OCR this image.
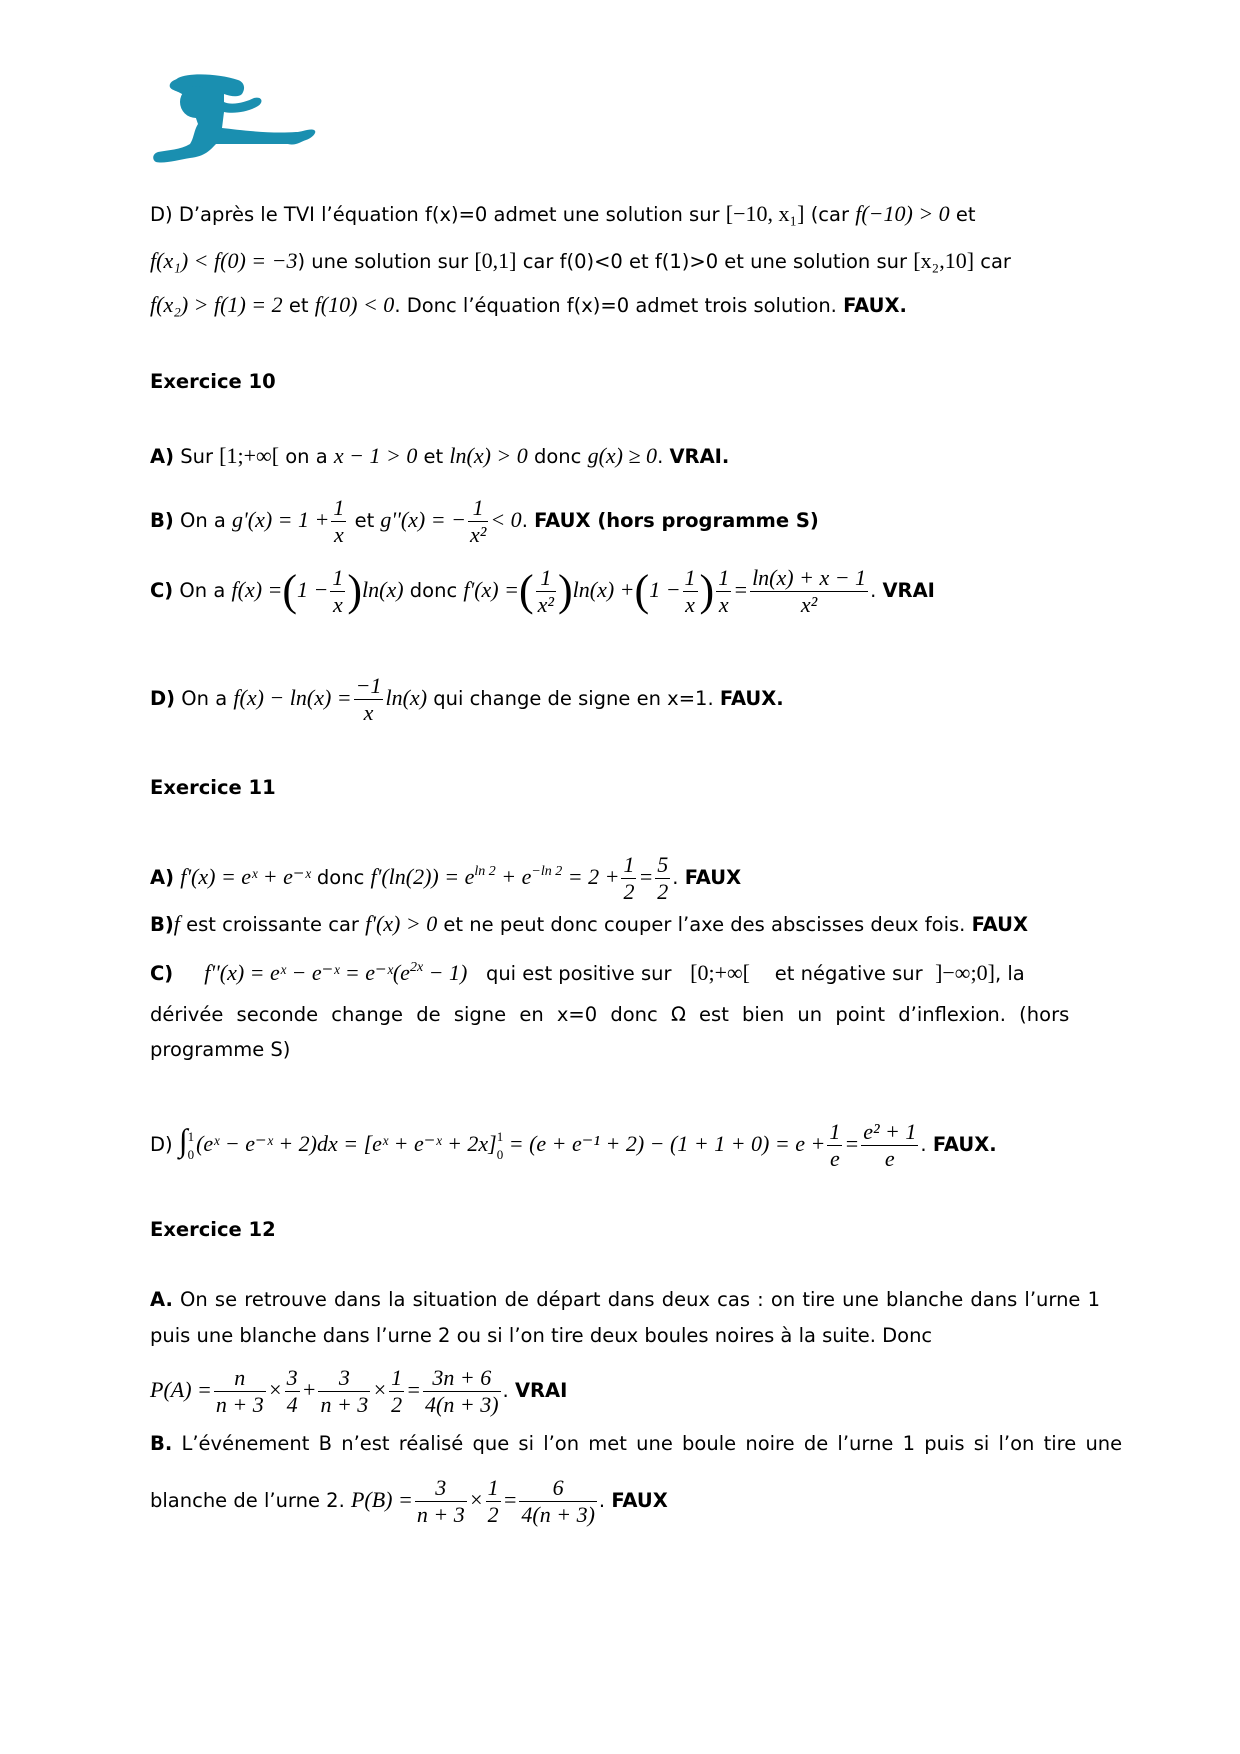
D) D’après le TVI l’équation f(x)=0 admet une solution sur [−10, x₁] (car f(−10) > 0 et
f(x₁) < f(0) = −3) une solution sur [0,1] car f(0)<0 et f(1)>0 et une solution sur [x₂,10] car
f(x₂) > f(1) = 2 et f(10) < 0. Donc l’équation f(x)=0 admet trois solution. FAUX.
Exercice 10
A) Sur [1;+∞[ on a x − 1 > 0 et ln(x) > 0 donc g(x) ≥ 0. VRAI.
B) On a $g'(x) = 1 + \frac{1}{x}$ et g''(x) = − $\frac{1}{\text{x²}} < 0$. FAUX (hors programme S)
C) On a $f(x) =(1 - \frac{1}{x} )\ln(x)$ donc f'(x) =( $\frac{1}{\text{x²}} )\ln(x) +(1 - \frac{1}{x}$ ) $\frac{1}{x} = \frac{\ln(x) + x - 1}{\text{x²}}$ . VRAI
D) On a $f(x) - \ln(x) = \frac{-1}{x} \ln(x)$ qui change de signe en x=1. FAUX.
Exercice 11
A) f'(x) = eˣ + e⁻ˣ donc $f'(\ln(2)) = e^{ln 2} + e^{-ln 2} = 2 + \frac{1}{2} = \frac{5}{2}$ . FAUX
B)f est croissante car f'(x) > 0 et ne peut donc couper l’axe des abscisses deux fois. FAUX
C) f''(x) = eˣ − e⁻ˣ = $e^-ˣ(e^{2x} - 1)$   qui est positive sur   [0;+∞[    et négative sur  ]−∞;0], la
dérivée seconde change de signe en x=0 donc Ω est bien un point d’inflexion. (hors
programme S)
D) ∫ 1
0 (eˣ − e⁻ˣ + 2)dx = [eˣ + e⁻ˣ + 2x] 1
$0 = (e + e^{-1} + 2) - (1 + 1 + 0) = e + \frac{1}{e} = \frac{\text{e² + 1}}{e}$ . FAUX.
Exercice 12
A. On se retrouve dans la situation de départ dans deux cas : on tire une blanche dans l’urne 1 puis une blanche dans l’urne 2 ou si l’on tire deux boules noires à la suite. Donc
$P(A) = \frac{n}{n + 3} \times \frac{3}{4} + \frac{3}{n + 3} \times \frac{1}{2} = \frac{3n + 6}{4(n + 3)}$ . VRAI
B. L’événement B n’est réalisé que si l’on met une boule noire de l’urne 1 puis si l’on tire une
blanche de l’urne 2. $P(B) = \frac{3}{n + 3} \times \frac{1}{2} = \frac{6}{4(n + 3)}$ . FAUX
